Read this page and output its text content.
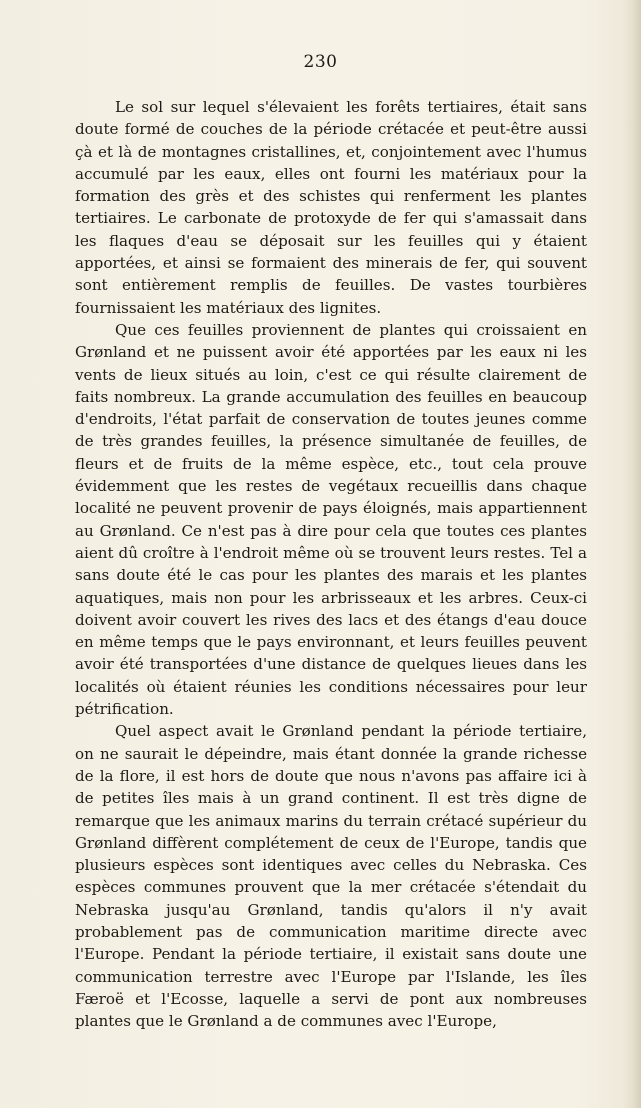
230

Le sol sur lequel s'élevaient les forêts tertiaires, était sans doute formé de couches de la période crétacée et peut-être aussi çà et là de montagnes cristallines, et, conjointement avec l'humus accumulé par les eaux, elles ont fourni les matériaux pour la formation des grès et des schistes qui renferment les plantes tertiaires. Le carbonate de protoxyde de fer qui s'amassait dans les flaques d'eau se déposait sur les feuilles qui y étaient apportées, et ainsi se formaient des minerais de fer, qui souvent sont entièrement remplis de feuilles. De vastes tourbières fournissaient les matériaux des lignites.

Que ces feuilles proviennent de plantes qui croissaient en Grønland et ne puissent avoir été apportées par les eaux ni les vents de lieux situés au loin, c'est ce qui résulte clairement de faits nombreux. La grande accumulation des feuilles en beaucoup d'endroits, l'état parfait de conservation de toutes jeunes comme de très grandes feuilles, la présence simultanée de feuilles, de fleurs et de fruits de la même espèce, etc., tout cela prouve évidemment que les restes de vegétaux recueillis dans chaque localité ne peuvent provenir de pays éloignés, mais appartiennent au Grønland. Ce n'est pas à dire pour cela que toutes ces plantes aient dû croître à l'endroit même où se trouvent leurs restes. Tel a sans doute été le cas pour les plantes des marais et les plantes aquatiques, mais non pour les arbrisseaux et les arbres. Ceux-ci doivent avoir couvert les rives des lacs et des étangs d'eau douce en même temps que le pays environnant, et leurs feuilles peuvent avoir été transportées d'une distance de quelques lieues dans les localités où étaient réunies les conditions nécessaires pour leur pétrification.

Quel aspect avait le Grønland pendant la période tertiaire, on ne saurait le dépeindre, mais étant donnée la grande richesse de la flore, il est hors de doute que nous n'avons pas affaire ici à de petites îles mais à un grand continent. Il est très digne de remarque que les animaux marins du terrain crétacé supérieur du Grønland diffèrent complétement de ceux de l'Europe, tandis que plusieurs espèces sont identiques avec celles du Nebraska. Ces espèces communes prouvent que la mer crétacée s'étendait du Nebraska jusqu'au Grønland, tandis qu'alors il n'y avait probablement pas de communication maritime directe avec l'Europe. Pendant la période tertiaire, il existait sans doute une communication terrestre avec l'Europe par l'Islande, les îles Færoë et l'Ecosse, laquelle a servi de pont aux nombreuses plantes que le Grønland a de communes avec l'Europe,
